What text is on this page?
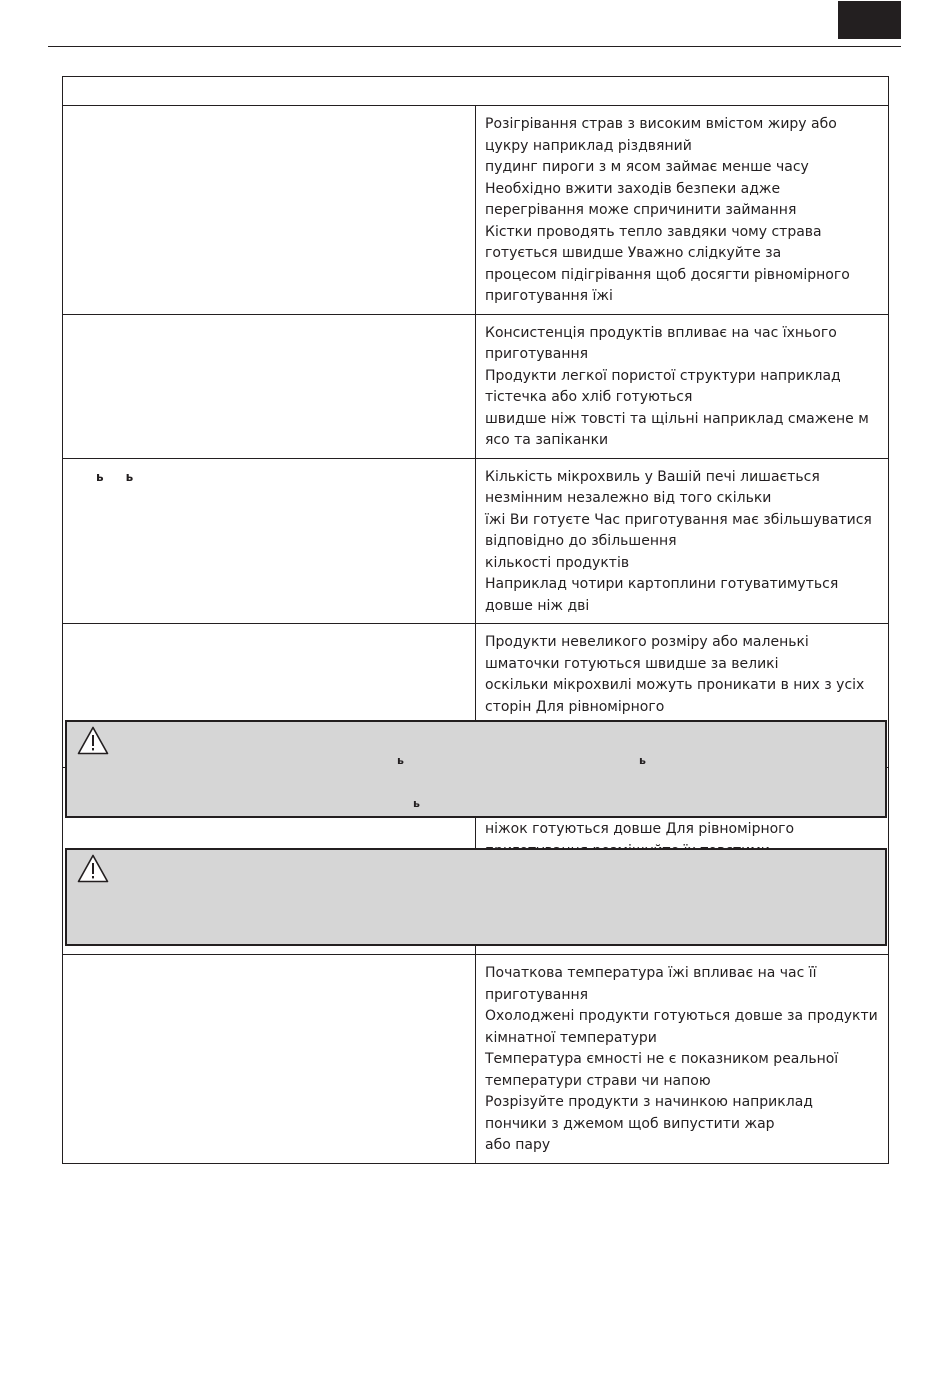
	Розігрівання страв з високим вмістом жиру або цукру наприклад різдвяний
пудинг пироги з м ясом займає менше часу Необхідно вжити заходів безпеки адже
перегрівання може спричинити займання
Кістки проводять тепло завдяки чому страва готується швидше Уважно слідкуйте за
процесом підігрівання щоб досягти рівномірного приготування їжі

	Консистенція продуктів впливає на час їхнього приготування
Продукти легкої пористої структури наприклад тістечка або хліб готуються
швидше ніж товсті та щільні наприклад смажене м ясо та запіканки

ьь	Кількість мікрохвиль у Вашій печі лишається незмінним незалежно від того скільки
їжі Ви готуєте Час приготування має збільшуватися відповідно до збільшення
кількості продуктів
Наприклад чотири картоплини готуватимуться довше ніж дві

	Продукти невеликого розміру або маленькі шматочки готуються швидше за великі
оскільки мікрохвилі можуть проникати в них з усіх сторін Для рівномірного

	ніжок готуються довше Для рівномірного

	Початкова температура їжі впливає на час її приготування
Охолоджені продукти готуються довше за продукти кімнатної температури
Температура ємності не є показником реальної температури страви чи напою
Розрізуйте продукти з начинкою наприклад пончики з джемом щоб випустити жар
або пару
ь	ь
ь
